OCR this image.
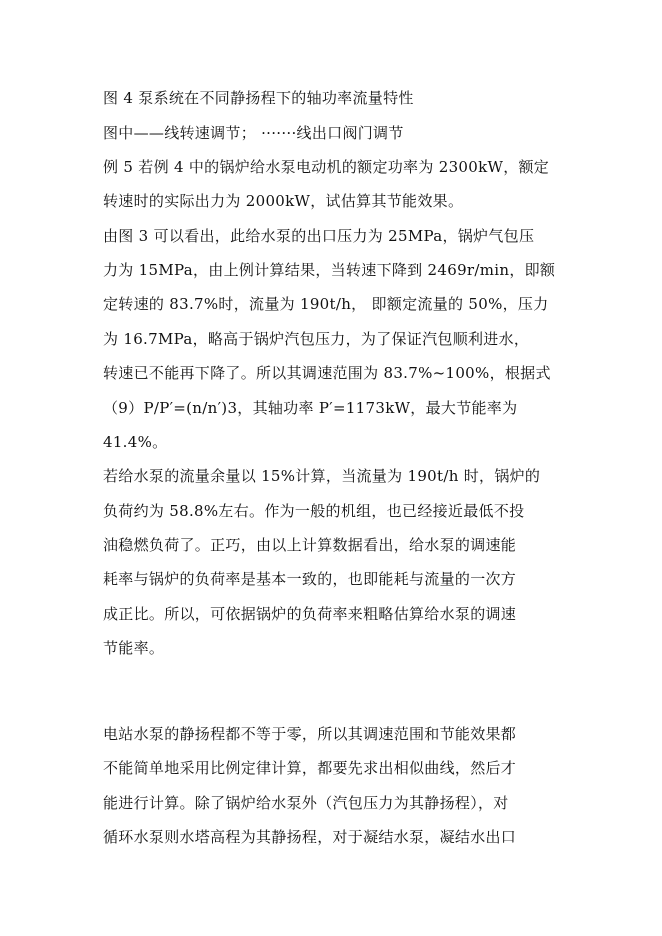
图 4 泵系统在不同静扬程下的轴功率流量特性
图中——线转速调节； ·······线出口阀门调节
例 5 若例 4 中的锅炉给水泵电动机的额定功率为 2300kW，额定
转速时的实际出力为 2000kW，试估算其节能效果。
由图 3 可以看出，此给水泵的出口压力为 25MPa，锅炉气包压
力为 15MPa，由上例计算结果，当转速下降到 2469r/min，即额
定转速的 83.7%时，流量为 190t/h， 即额定流量的 50%，压力
为 16.7MPa，略高于锅炉汽包压力，为了保证汽包顺利进水，
转速已不能再下降了。所以其调速范围为 83.7%~100%，根据式
（9）P/P′=(n/n′)3，其轴功率 P′=1173kW，最大节能率为
41.4%。
若给水泵的流量余量以 15%计算，当流量为 190t/h 时，锅炉的
负荷约为 58.8%左右。作为一般的机组，也已经接近最低不投
油稳燃负荷了。正巧，由以上计算数据看出，给水泵的调速能
耗率与锅炉的负荷率是基本一致的，也即能耗与流量的一次方
成正比。所以，可依据锅炉的负荷率来粗略估算给水泵的调速
节能率。
电站水泵的静扬程都不等于零，所以其调速范围和节能效果都
不能简单地采用比例定律计算，都要先求出相似曲线，然后才
能进行计算。除了锅炉给水泵外（汽包压力为其静扬程），对
循环水泵则水塔高程为其静扬程，对于凝结水泵，凝结水出口
